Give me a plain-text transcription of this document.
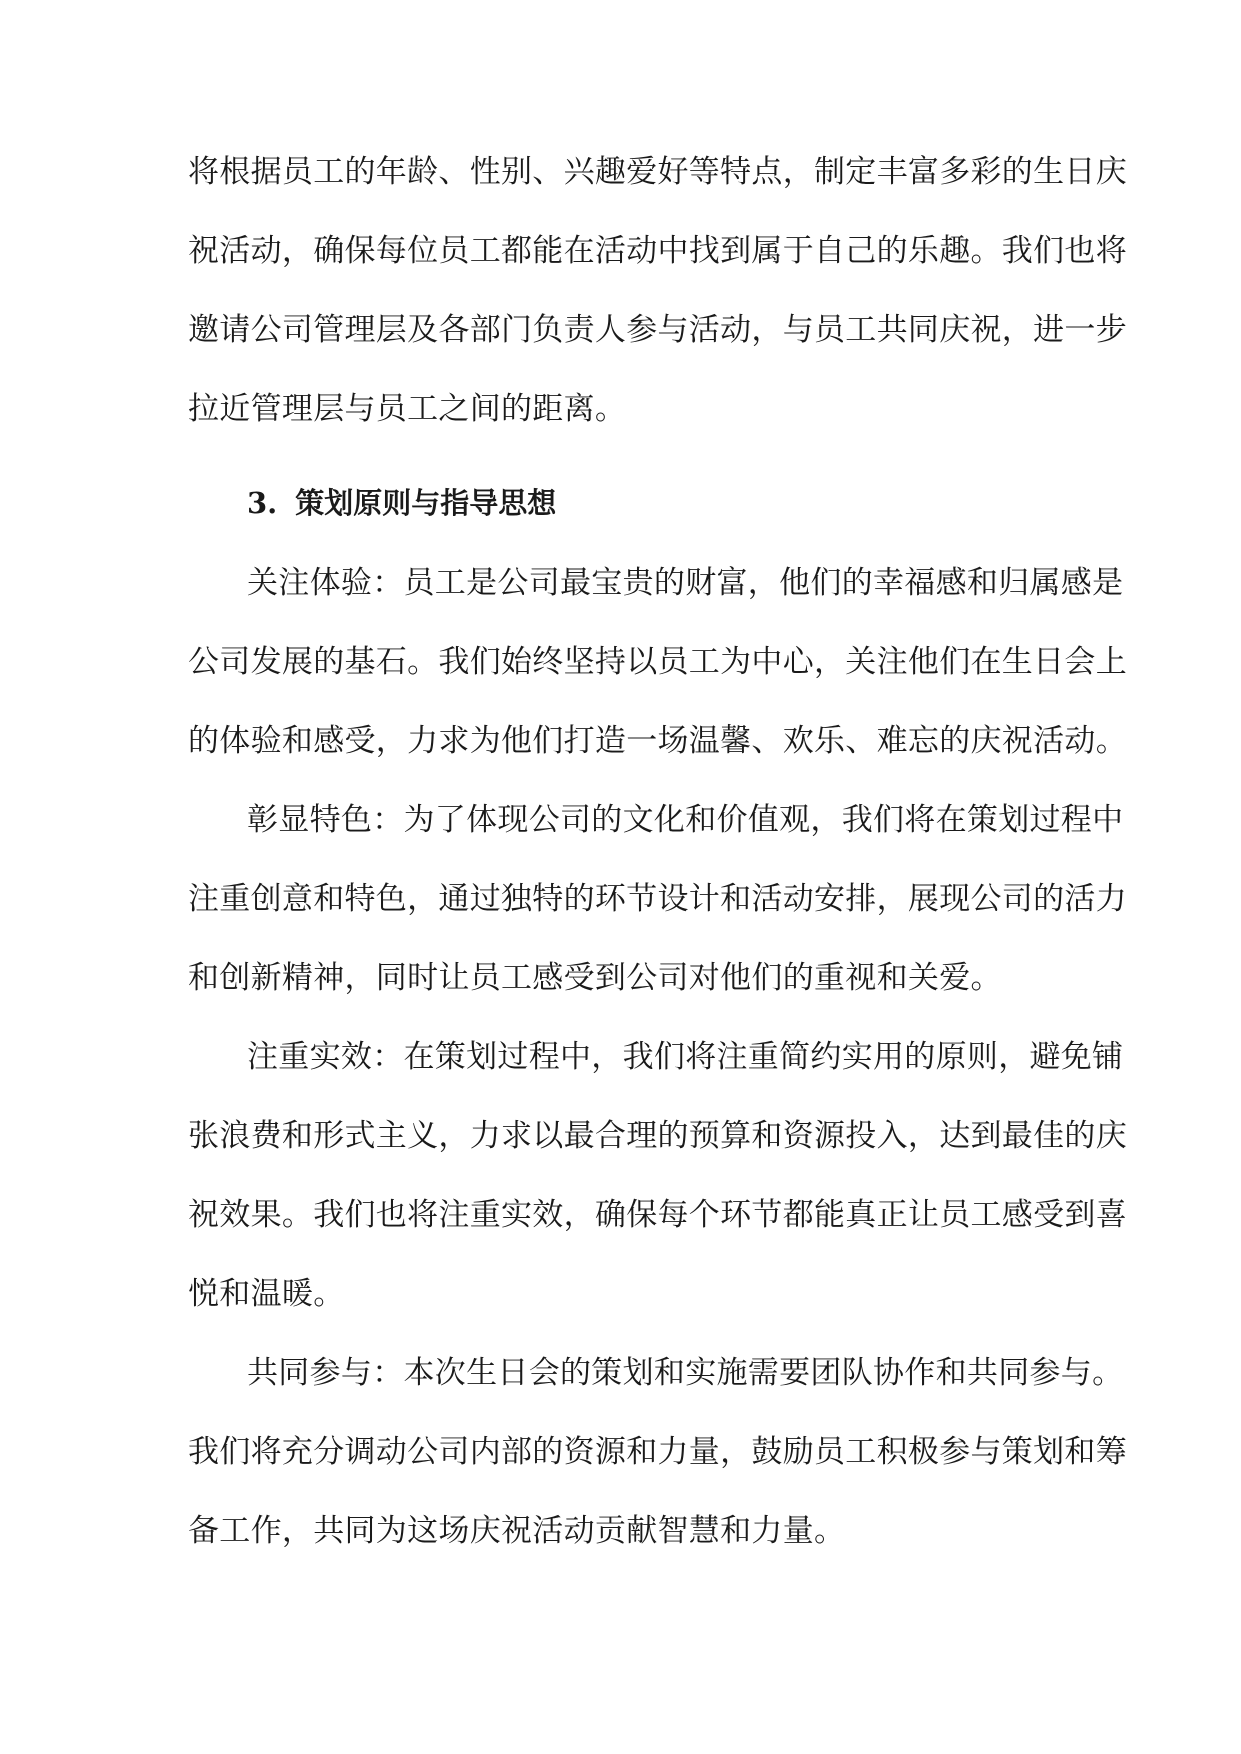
将根据员工的年龄、性别、兴趣爱好等特点，制定丰富多彩的生日庆
祝活动，确保每位员工都能在活动中找到属于自己的乐趣。我们也将
邀请公司管理层及各部门负责人参与活动，与员工共同庆祝，进一步
拉近管理层与员工之间的距离。
3. 策划原则与指导思想
关注体验：员工是公司最宝贵的财富，他们的幸福感和归属感是
公司发展的基石。我们始终坚持以员工为中心，关注他们在生日会上
的体验和感受，力求为他们打造一场温馨、欢乐、难忘的庆祝活动。
彰显特色：为了体现公司的文化和价值观，我们将在策划过程中
注重创意和特色，通过独特的环节设计和活动安排，展现公司的活力
和创新精神，同时让员工感受到公司对他们的重视和关爱。
注重实效：在策划过程中，我们将注重简约实用的原则，避免铺
张浪费和形式主义，力求以最合理的预算和资源投入，达到最佳的庆
祝效果。我们也将注重实效，确保每个环节都能真正让员工感受到喜
悦和温暖。
共同参与：本次生日会的策划和实施需要团队协作和共同参与。
我们将充分调动公司内部的资源和力量，鼓励员工积极参与策划和筹
备工作，共同为这场庆祝活动贡献智慧和力量。
